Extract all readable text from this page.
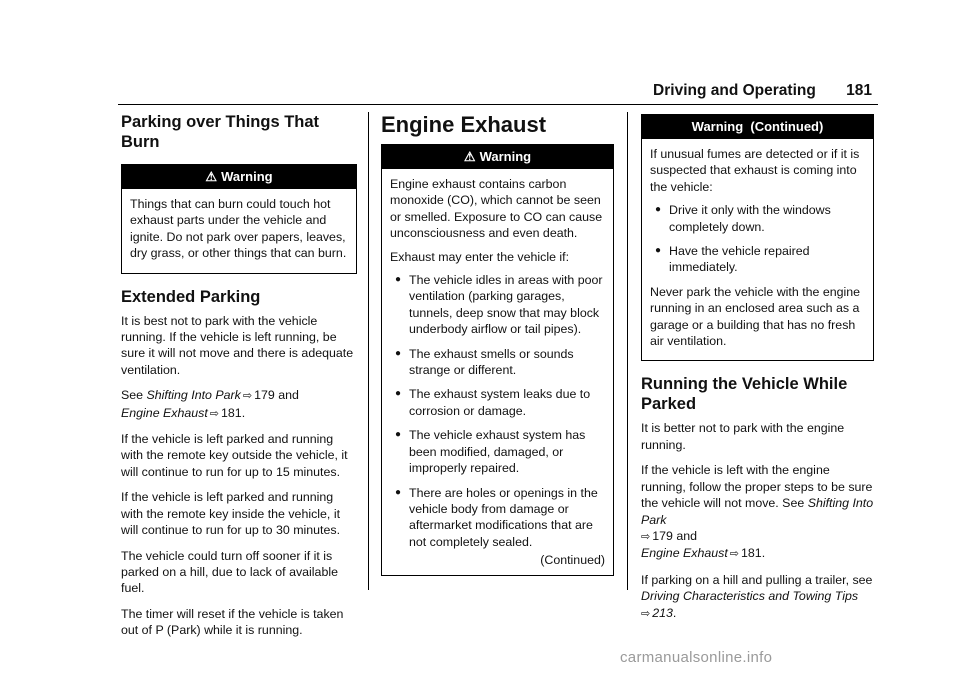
Driving and Operating 181
Parking over Things That Burn
⚠ Warning

Things that can burn could touch hot exhaust parts under the vehicle and ignite. Do not park over papers, leaves, dry grass, or other things that can burn.

Extended Parking

It is best not to park with the vehicle running. If the vehicle is left running, be sure it will not move and there is adequate ventilation.

See Shifting Into Park ⇨ 179 and
Engine Exhaust ⇨ 181.

If the vehicle is left parked and running with the remote key outside the vehicle, it will continue to run for up to 15 minutes.

If the vehicle is left parked and running with the remote key inside the vehicle, it will continue to run for up to 30 minutes.

The vehicle could turn off sooner if it is parked on a hill, due to lack of available fuel.

The timer will reset if the vehicle is taken out of P (Park) while it is running.

Engine Exhaust
⚠ Warning

Engine exhaust contains carbon monoxide (CO), which cannot be seen or smelled. Exposure to CO can cause unconsciousness and even death.

Exhaust may enter the vehicle if:

● The vehicle idles in areas with poor ventilation (parking garages, tunnels, deep snow that may block underbody airflow or tail pipes).
● The exhaust smells or sounds strange or different.
● The exhaust system leaks due to corrosion or damage.
● The vehicle exhaust system has been modified, damaged, or improperly repaired.
● There are holes or openings in the vehicle body from damage or aftermarket modifications that are not completely sealed.
(Continued)
Warning  (Continued)

If unusual fumes are detected or if it is suspected that exhaust is coming into the vehicle:

● Drive it only with the windows completely down.
● Have the vehicle repaired immediately.

Never park the vehicle with the engine running in an enclosed area such as a garage or a building that has no fresh air ventilation.

Running the Vehicle While Parked

It is better not to park with the engine running.

If the vehicle is left with the engine running, follow the proper steps to be sure the vehicle will not move. See Shifting Into Park
⇨ 179 and
Engine Exhaust ⇨ 181.

If parking on a hill and pulling a trailer, see
Driving Characteristics and Towing Tips
⇨ 213.

carmanualsonline.info
